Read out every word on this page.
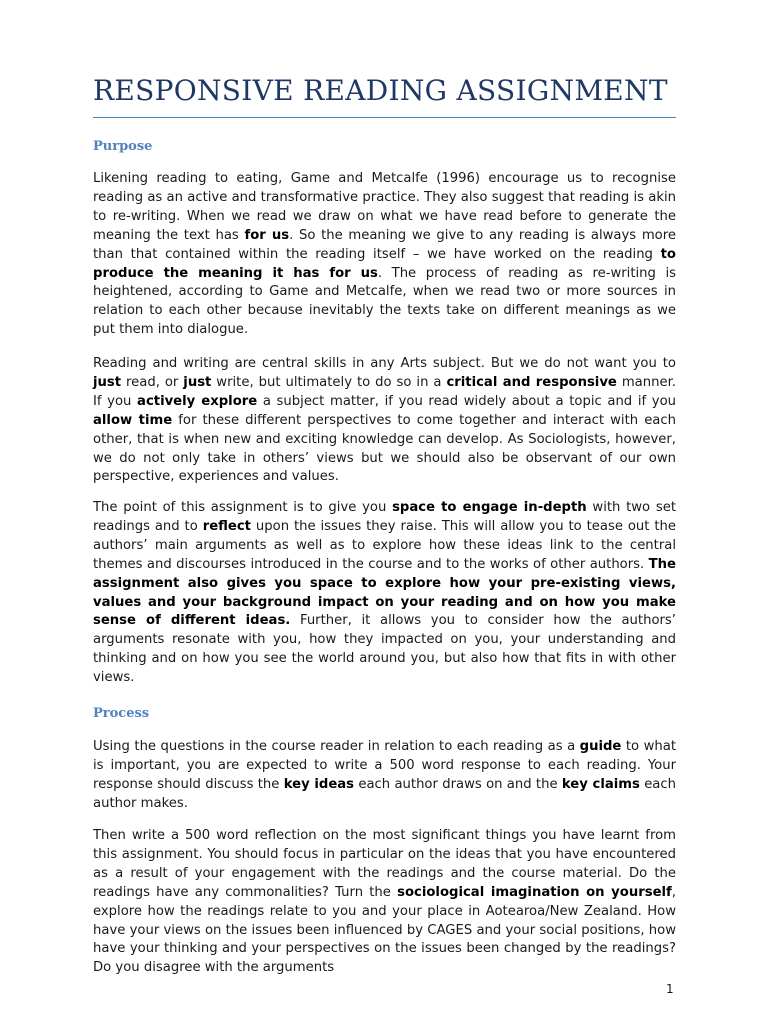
RESPONSIVE READING ASSIGNMENT
Purpose

Likening reading to eating, Game and Metcalfe (1996) encourage us to recognise reading as an active and transformative practice. They also suggest that reading is akin to re-writing. When we read we draw on what we have read before to generate the meaning the text has for us. So the meaning we give to any reading is always more than that contained within the reading itself – we have worked on the reading to produce the meaning it has for us. The process of reading as re-writing is heightened, according to Game and Metcalfe, when we read two or more sources in relation to each other because inevitably the texts take on different meanings as we put them into dialogue.

Reading and writing are central skills in any Arts subject. But we do not want you to just read, or just write, but ultimately to do so in a critical and responsive manner. If you actively explore a subject matter, if you read widely about a topic and if you allow time for these different perspectives to come together and interact with each other, that is when new and exciting knowledge can develop. As Sociologists, however, we do not only take in others’ views but we should also be observant of our own perspective, experiences and values.

The point of this assignment is to give you space to engage in-depth with two set readings and to reflect upon the issues they raise. This will allow you to tease out the authors’ main arguments as well as to explore how these ideas link to the central themes and discourses introduced in the course and to the works of other authors. The assignment also gives you space to explore how your pre-existing views, values and your background impact on your reading and on how you make sense of different ideas. Further, it allows you to consider how the authors’ arguments resonate with you, how they impacted on you, your understanding and thinking and on how you see the world around you, but also how that fits in with other views.

Process

Using the questions in the course reader in relation to each reading as a guide to what is important, you are expected to write a 500 word response to each reading. Your response should discuss the key ideas each author draws on and the key claims each author makes.

Then write a 500 word reflection on the most significant things you have learnt from this assignment. You should focus in particular on the ideas that you have encountered as a result of your engagement with the readings and the course material. Do the readings have any commonalities? Turn the sociological imagination on yourself, explore how the readings relate to you and your place in Aotearoa/New Zealand. How have your views on the issues been influenced by CAGES and your social positions, how have your thinking and your perspectives on the issues been changed by the readings? Do you disagree with the arguments

1
